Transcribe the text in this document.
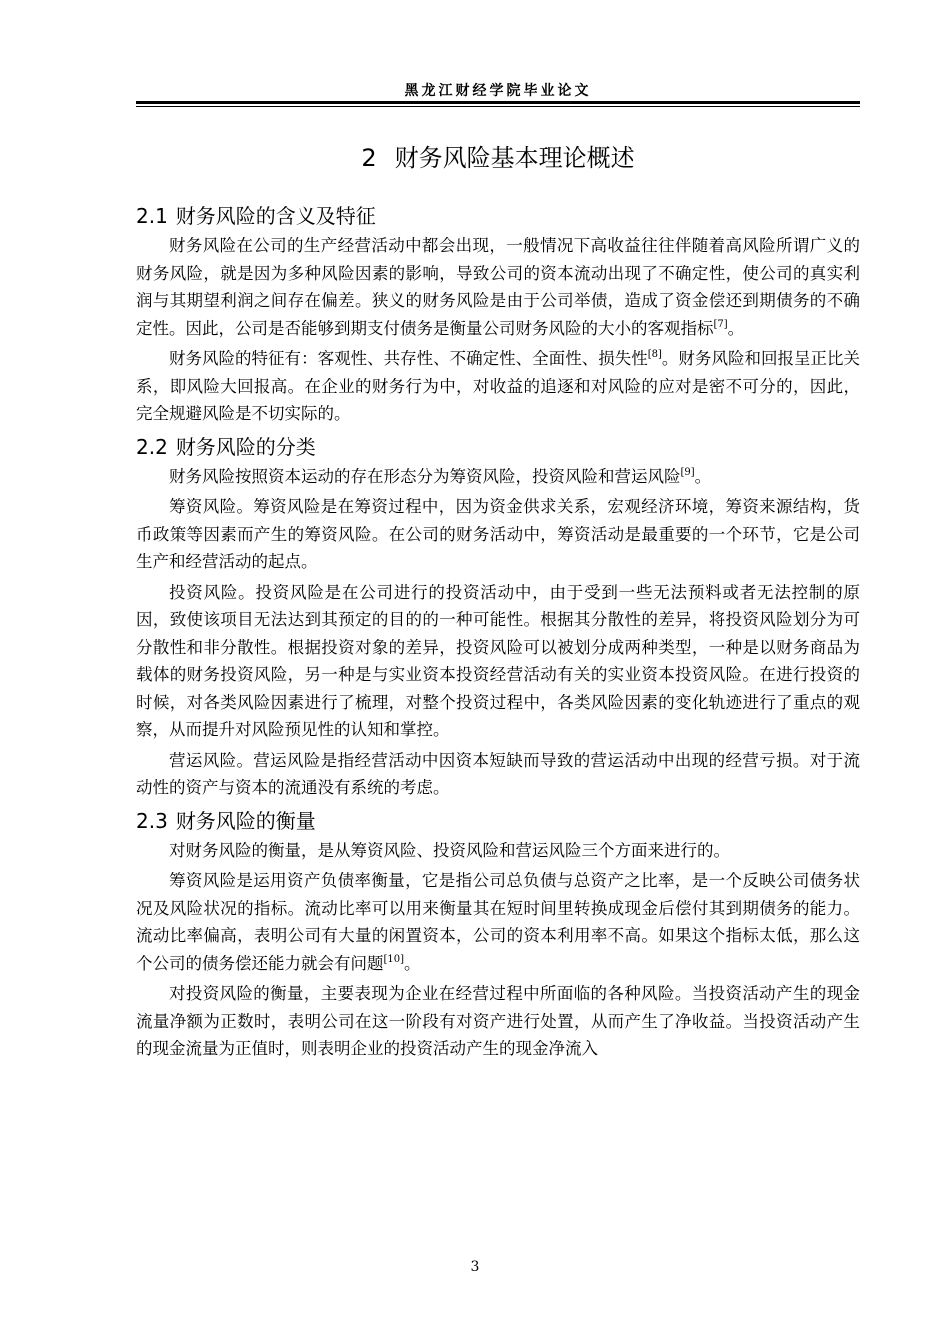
黑龙江财经学院毕业论文
2 财务风险基本理论概述
2.1 财务风险的含义及特征

财务风险在公司的生产经营活动中都会出现，一般情况下高收益往往伴随着高风险所谓广义的财务风险，就是因为多种风险因素的影响，导致公司的资本流动出现了不确定性，使公司的真实利润与其期望利润之间存在偏差。狭义的财务风险是由于公司举债，造成了资金偿还到期债务的不确定性。因此，公司是否能够到期支付债务是衡量公司财务风险的大小的客观指标[7]。

财务风险的特征有：客观性、共存性、不确定性、全面性、损失性[8]。财务风险和回报呈正比关系，即风险大回报高。在企业的财务行为中，对收益的追逐和对风险的应对是密不可分的，因此，完全规避风险是不切实际的。

2.2 财务风险的分类

财务风险按照资本运动的存在形态分为筹资风险，投资风险和营运风险[9]。

筹资风险。筹资风险是在筹资过程中，因为资金供求关系，宏观经济环境，筹资来源结构，货币政策等因素而产生的筹资风险。在公司的财务活动中，筹资活动是最重要的一个环节，它是公司生产和经营活动的起点。

投资风险。投资风险是在公司进行的投资活动中，由于受到一些无法预料或者无法控制的原因，致使该项目无法达到其预定的目的的一种可能性。根据其分散性的差异，将投资风险划分为可分散性和非分散性。根据投资对象的差异，投资风险可以被划分成两种类型，一种是以财务商品为载体的财务投资风险，另一种是与实业资本投资经营活动有关的实业资本投资风险。在进行投资的时候，对各类风险因素进行了梳理，对整个投资过程中，各类风险因素的变化轨迹进行了重点的观察，从而提升对风险预见性的认知和掌控。

营运风险。营运风险是指经营活动中因资本短缺而导致的营运活动中出现的经营亏损。对于流动性的资产与资本的流通没有系统的考虑。

2.3 财务风险的衡量

对财务风险的衡量，是从筹资风险、投资风险和营运风险三个方面来进行的。

筹资风险是运用资产负债率衡量，它是指公司总负债与总资产之比率，是一个反映公司债务状况及风险状况的指标。流动比率可以用来衡量其在短时间里转换成现金后偿付其到期债务的能力。流动比率偏高，表明公司有大量的闲置资本，公司的资本利用率不高。如果这个指标太低，那么这个公司的债务偿还能力就会有问题[10]。

对投资风险的衡量，主要表现为企业在经营过程中所面临的各种风险。当投资活动产生的现金流量净额为正数时，表明公司在这一阶段有对资产进行处置，从而产生了净收益。当投资活动产生的现金流量为正值时，则表明企业的投资活动产生的现金净流入

3
